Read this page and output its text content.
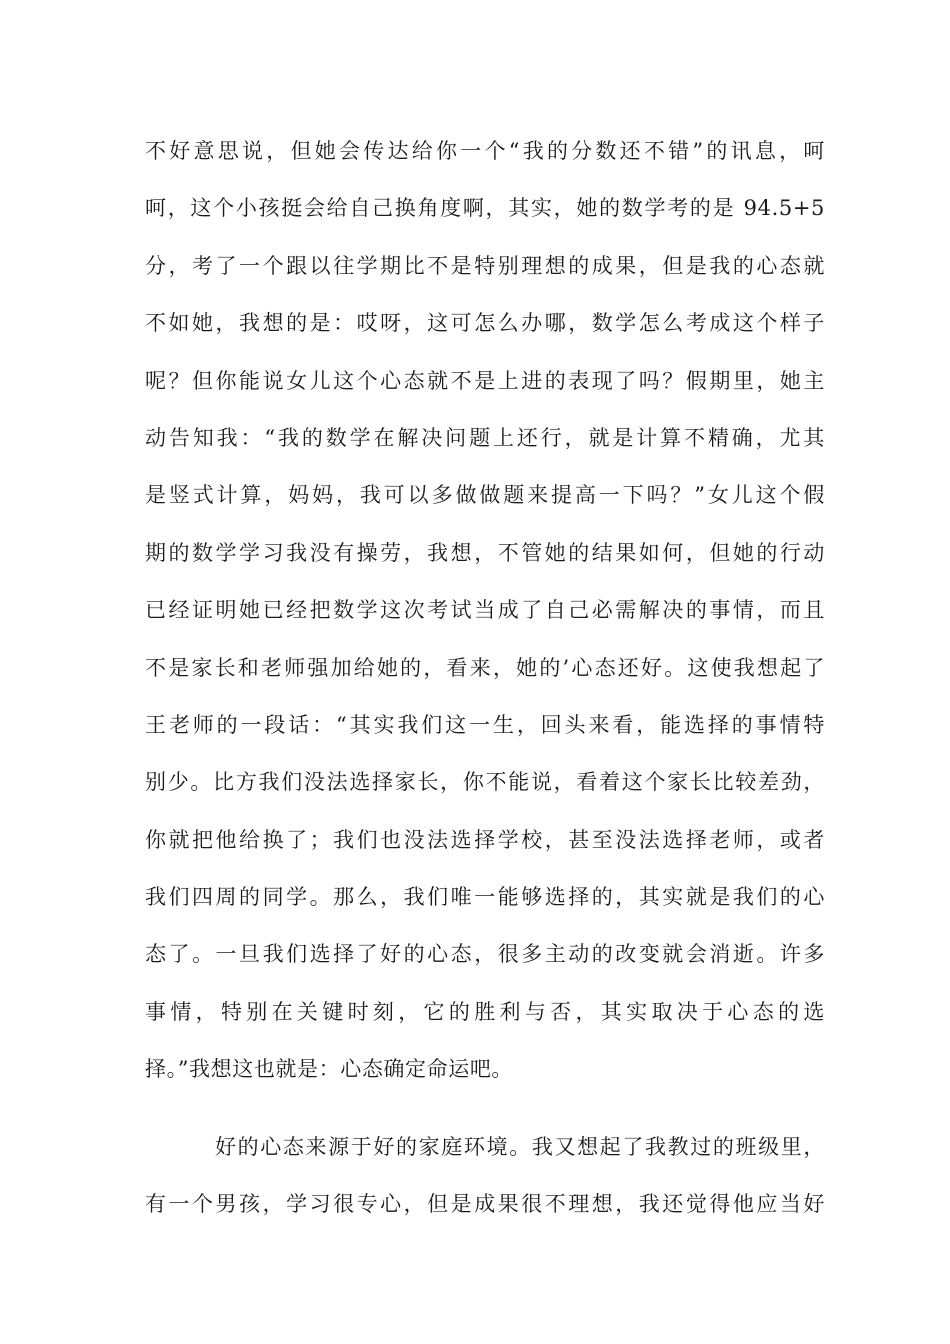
不好意思说，但她会传达给你一个“我的分数还不错”的讯息，呵
呵，这个小孩挺会给自己换角度啊，其实，她的数学考的是 94.5+5
分，考了一个跟以往学期比不是特别理想的成果，但是我的心态就
不如她，我想的是：哎呀，这可怎么办哪，数学怎么考成这个样子
呢？但你能说女儿这个心态就不是上进的表现了吗？假期里，她主
动告知我：“我的数学在解决问题上还行，就是计算不精确，尤其
是竖式计算，妈妈，我可以多做做题来提高一下吗？”女儿这个假
期的数学学习我没有操劳，我想，不管她的结果如何，但她的行动
已经证明她已经把数学这次考试当成了自己必需解决的事情，而且
不是家长和老师强加给她的，看来，她的’心态还好。这使我想起了
王老师的一段话：“其实我们这一生，回头来看，能选择的事情特
别少。比方我们没法选择家长，你不能说，看着这个家长比较差劲，
你就把他给换了；我们也没法选择学校，甚至没法选择老师，或者
我们四周的同学。那么，我们唯一能够选择的，其实就是我们的心
态了。一旦我们选择了好的心态，很多主动的改变就会消逝。许多
事情，特别在关键时刻，它的胜利与否，其实取决于心态的选
择。”我想这也就是：心态确定命运吧。
好的心态来源于好的家庭环境。我又想起了我教过的班级里，
有一个男孩，学习很专心，但是成果很不理想，我还觉得他应当好
